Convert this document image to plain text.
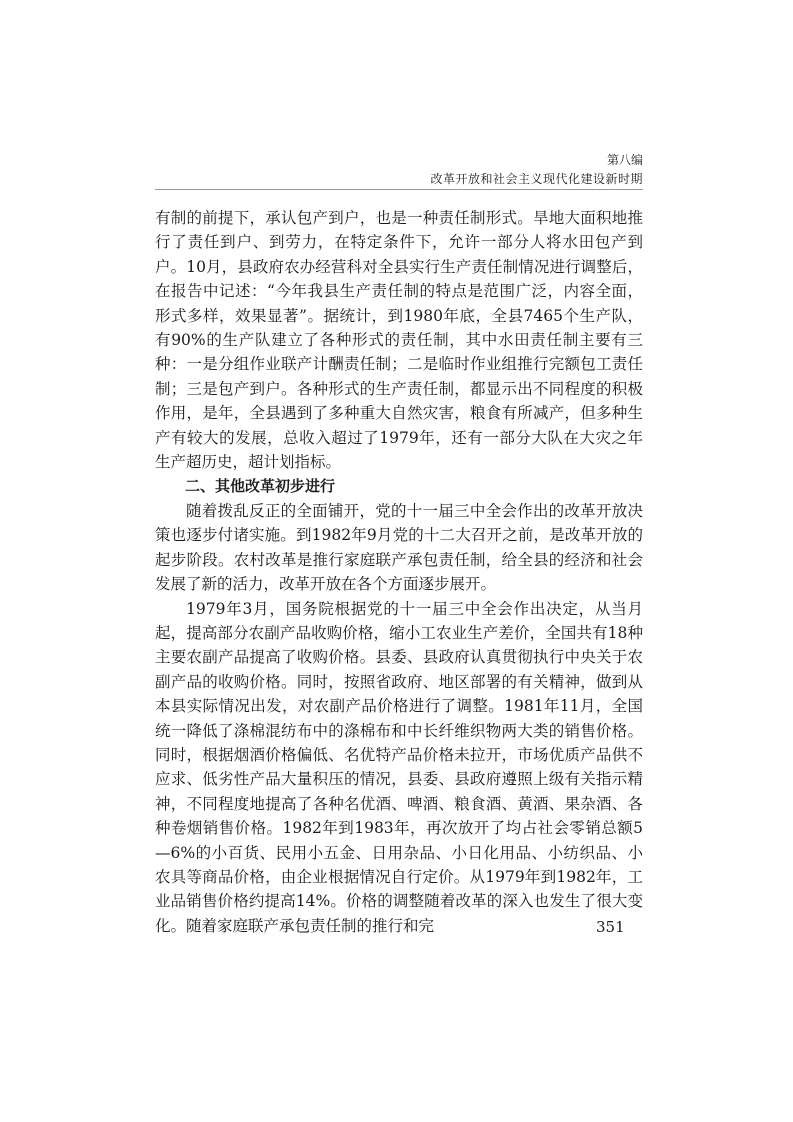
第八编
改革开放和社会主义现代化建设新时期

有制的前提下，承认包产到户，也是一种责任制形式。旱地大面积地推行了责任到户、到劳力，在特定条件下，允许一部分人将水田包产到户。10月，县政府农办经营科对全县实行生产责任制情况进行调整后，在报告中记述：“今年我县生产责任制的特点是范围广泛，内容全面，形式多样，效果显著”。据统计，到1980年底，全县7465个生产队，有90%的生产队建立了各种形式的责任制，其中水田责任制主要有三种：一是分组作业联产计酬责任制；二是临时作业组推行完额包工责任制；三是包产到户。各种形式的生产责任制，都显示出不同程度的积极作用，是年，全县遇到了多种重大自然灾害，粮食有所减产，但多种生产有较大的发展，总收入超过了1979年，还有一部分大队在大灾之年生产超历史，超计划指标。

二、其他改革初步进行

随着拨乱反正的全面铺开，党的十一届三中全会作出的改革开放决策也逐步付诸实施。到1982年9月党的十二大召开之前，是改革开放的起步阶段。农村改革是推行家庭联产承包责任制，给全县的经济和社会发展了新的活力，改革开放在各个方面逐步展开。

1979年3月，国务院根据党的十一届三中全会作出决定，从当月起，提高部分农副产品收购价格，缩小工农业生产差价，全国共有18种主要农副产品提高了收购价格。县委、县政府认真贯彻执行中央关于农副产品的收购价格。同时，按照省政府、地区部署的有关精神，做到从本县实际情况出发，对农副产品价格进行了调整。1981年11月，全国统一降低了涤棉混纺布中的涤棉布和中长纤维织物两大类的销售价格。同时，根据烟酒价格偏低、名优特产品价格未拉开，市场优质产品供不应求、低劣性产品大量积压的情况，县委、县政府遵照上级有关指示精神，不同程度地提高了各种名优酒、啤酒、粮食酒、黄酒、果杂酒、各种卷烟销售价格。1982年到1983年，再次放开了均占社会零销总额5—6%的小百货、民用小五金、日用杂品、小日化用品、小纺织品、小农具等商品价格，由企业根据情况自行定价。从1979年到1982年，工业品销售价格约提高14%。价格的调整随着改革的深入也发生了很大变化。随着家庭联产承包责任制的推行和完	351
